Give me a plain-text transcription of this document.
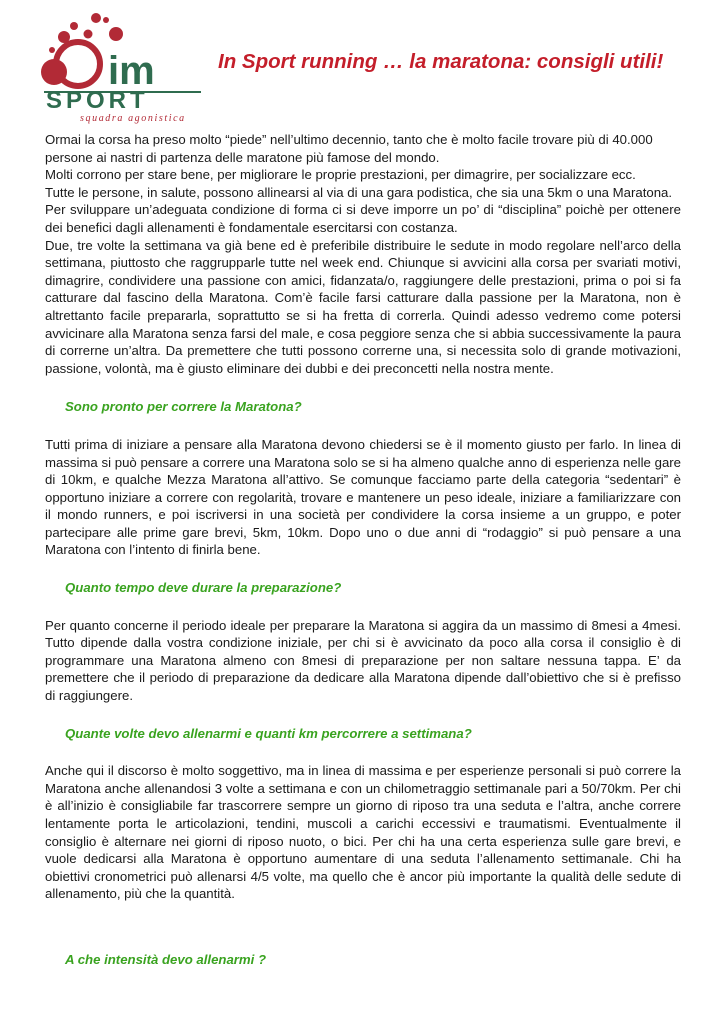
im
SPORT
squadra agonistica
In Sport running … la maratona: consigli utili!

Ormai la corsa ha preso molto “piede” nell’ultimo decennio, tanto che è molto facile trovare più di 40.000 persone ai nastri di partenza delle maratone più famose del mondo.

Molti corrono per stare bene, per migliorare le proprie prestazioni, per dimagrire, per socializzare ecc.

Tutte le persone, in salute, possono allinearsi al via di una gara podistica, che sia una 5km o una Maratona.

Per sviluppare un’adeguata condizione di forma ci si deve imporre un po’ di “disciplina” poichè per ottenere dei benefici dagli allenamenti è fondamentale esercitarsi con costanza.

Due, tre volte la settimana va già bene ed è preferibile distribuire le sedute in modo regolare nell’arco della settimana, piuttosto che raggrupparle tutte nel week end. Chiunque si avvicini alla corsa per svariati motivi, dimagrire, condividere una passione con amici, fidanzata/o, raggiungere delle prestazioni, prima o poi si fa catturare dal fascino della Maratona. Com’è facile farsi catturare dalla passione per la Maratona, non è altrettanto facile prepararla, soprattutto se si ha fretta di correrla. Quindi adesso vedremo come potersi avvicinare alla Maratona senza farsi del male, e cosa peggiore senza che si abbia successivamente la paura di correrne un’altra. Da premettere che tutti possono correrne una, si necessita solo di grande motivazioni, passione, volontà, ma è giusto eliminare dei dubbi e dei preconcetti nella nostra mente.

Sono pronto per correre la Maratona?

Tutti prima di iniziare a pensare alla Maratona devono chiedersi se è il momento giusto per farlo. In linea di massima si può pensare a correre una Maratona solo se si ha almeno qualche anno di esperienza nelle gare di 10km, e qualche Mezza Maratona all’attivo. Se comunque facciamo parte della categoria “sedentari” è opportuno iniziare a correre con regolarità, trovare e mantenere un peso ideale, iniziare a familiarizzare con il mondo runners, e poi iscriversi in una società per condividere la corsa insieme a un gruppo, e poter partecipare alle prime gare brevi, 5km, 10km. Dopo uno o due anni di “rodaggio” si può pensare a una Maratona con l’intento di finirla bene.

Quanto tempo deve durare la preparazione?

Per quanto concerne il periodo ideale per preparare la Maratona si aggira da un massimo di 8mesi a 4mesi. Tutto dipende dalla vostra condizione iniziale, per chi si è avvicinato da poco alla corsa il consiglio è di programmare una Maratona almeno con 8mesi di preparazione per non saltare nessuna tappa. E’ da premettere che il periodo di preparazione da dedicare alla Maratona dipende dall’obiettivo che si è prefisso di raggiungere.

Quante volte devo allenarmi e quanti km percorrere a settimana?

Anche qui il discorso è molto soggettivo, ma in linea di massima e per esperienze personali si può correre la Maratona anche allenandosi 3 volte a settimana e con un chilometraggio settimanale pari a 50/70km. Per chi è all’inizio è consigliabile far trascorrere sempre un giorno di riposo tra una seduta e l’altra, anche correre lentamente porta le articolazioni, tendini, muscoli a carichi eccessivi e traumatismi. Eventualmente il consiglio è alternare nei giorni di riposo nuoto, o bici. Per chi ha una certa esperienza sulle gare brevi, e vuole dedicarsi alla Maratona è opportuno aumentare di una seduta l’allenamento settimanale. Chi ha obiettivi cronometrici può allenarsi 4/5 volte, ma quello che è ancor più importante la qualità delle sedute di allenamento, più che la quantità.

A che intensità devo allenarmi ?
